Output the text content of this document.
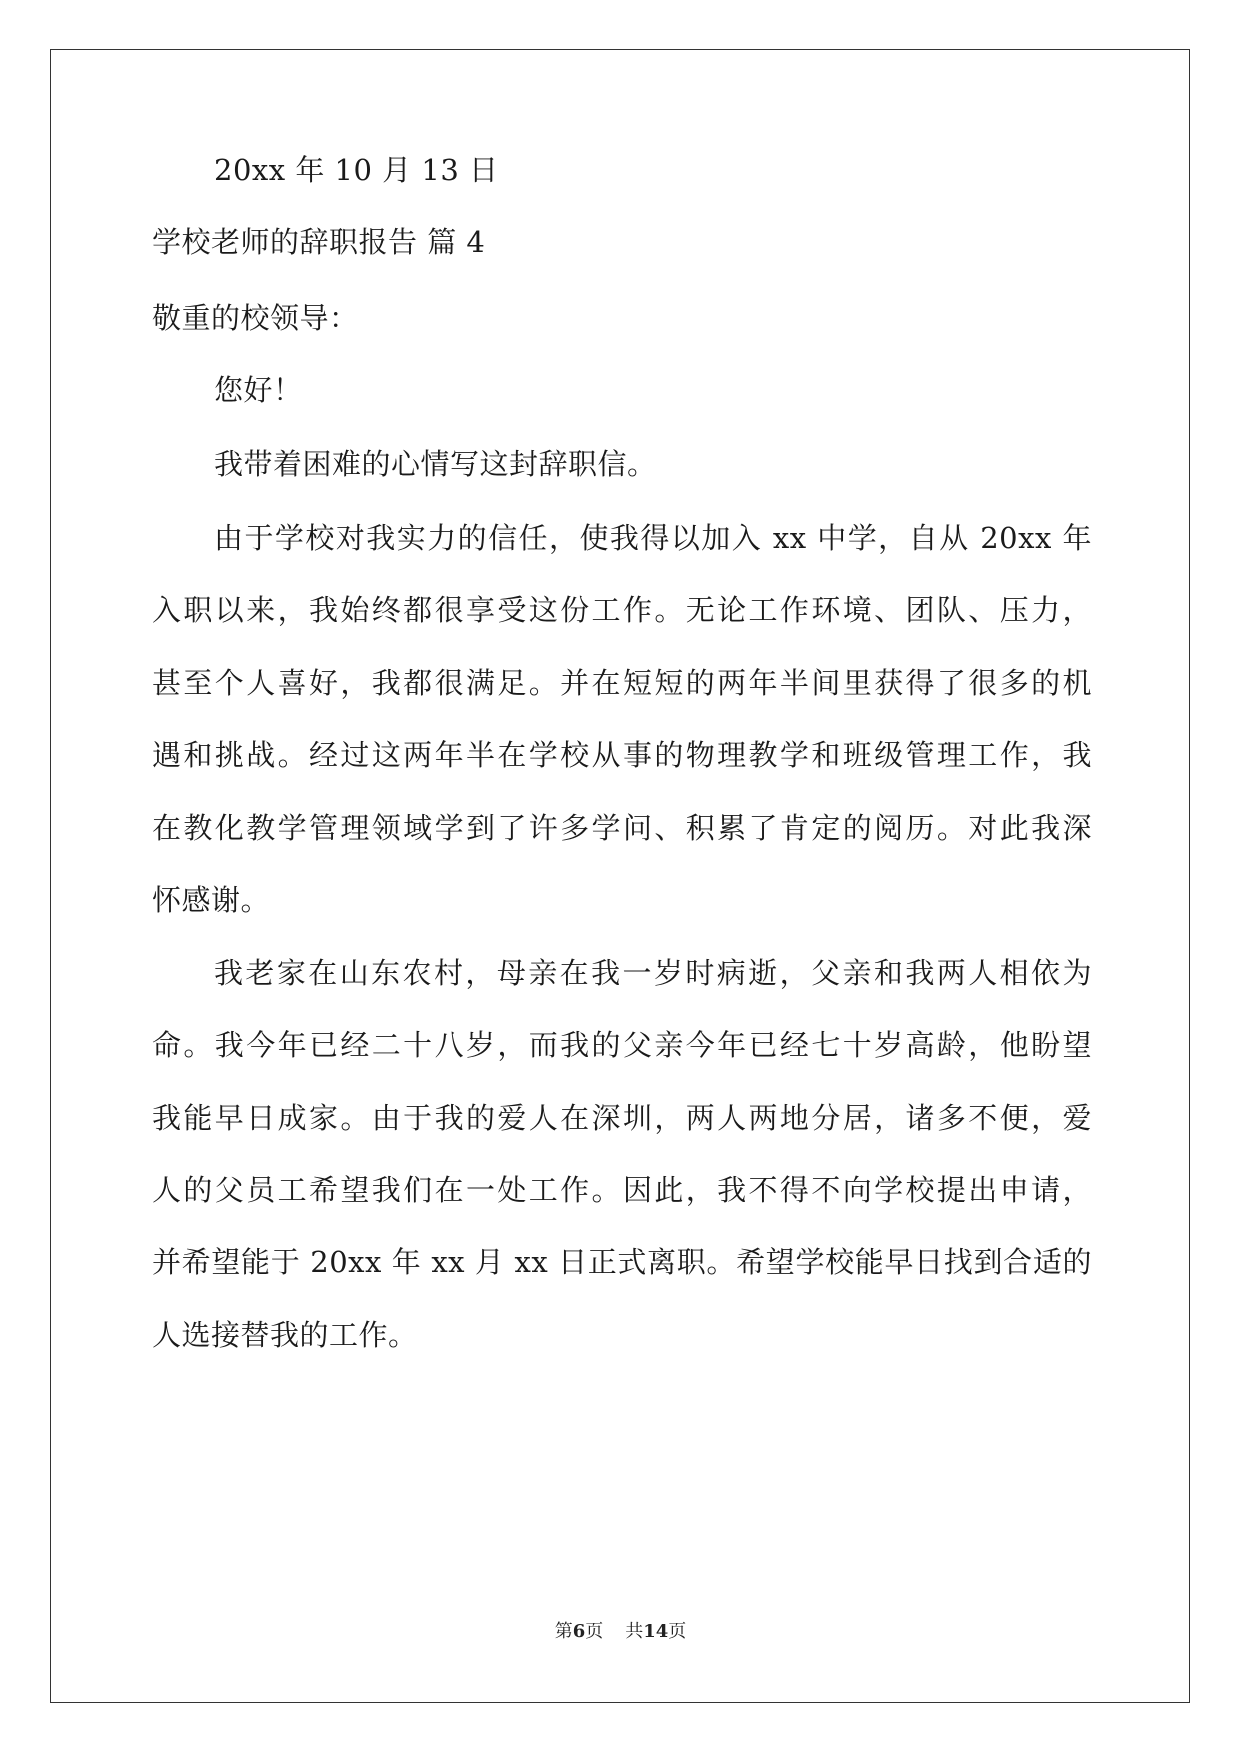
20xx 年 10 月 13 日
学校老师的辞职报告 篇 4
敬重的校领导：
您好！
我带着困难的心情写这封辞职信。
由于学校对我实力的信任，使我得以加入 xx 中学，自从 20xx 年
入职以来，我始终都很享受这份工作。无论工作环境、团队、压力，
甚至个人喜好，我都很满足。并在短短的两年半间里获得了很多的机
遇和挑战。经过这两年半在学校从事的物理教学和班级管理工作，我
在教化教学管理领域学到了许多学问、积累了肯定的阅历。对此我深
怀感谢。
我老家在山东农村，母亲在我一岁时病逝，父亲和我两人相依为
命。我今年已经二十八岁，而我的父亲今年已经七十岁高龄，他盼望
我能早日成家。由于我的爱人在深圳，两人两地分居，诸多不便，爱
人的父员工希望我们在一处工作。因此，我不得不向学校提出申请，
并希望能于 20xx 年 xx 月 xx 日正式离职。希望学校能早日找到合适的
人选接替我的工作。
第6页 共14页
